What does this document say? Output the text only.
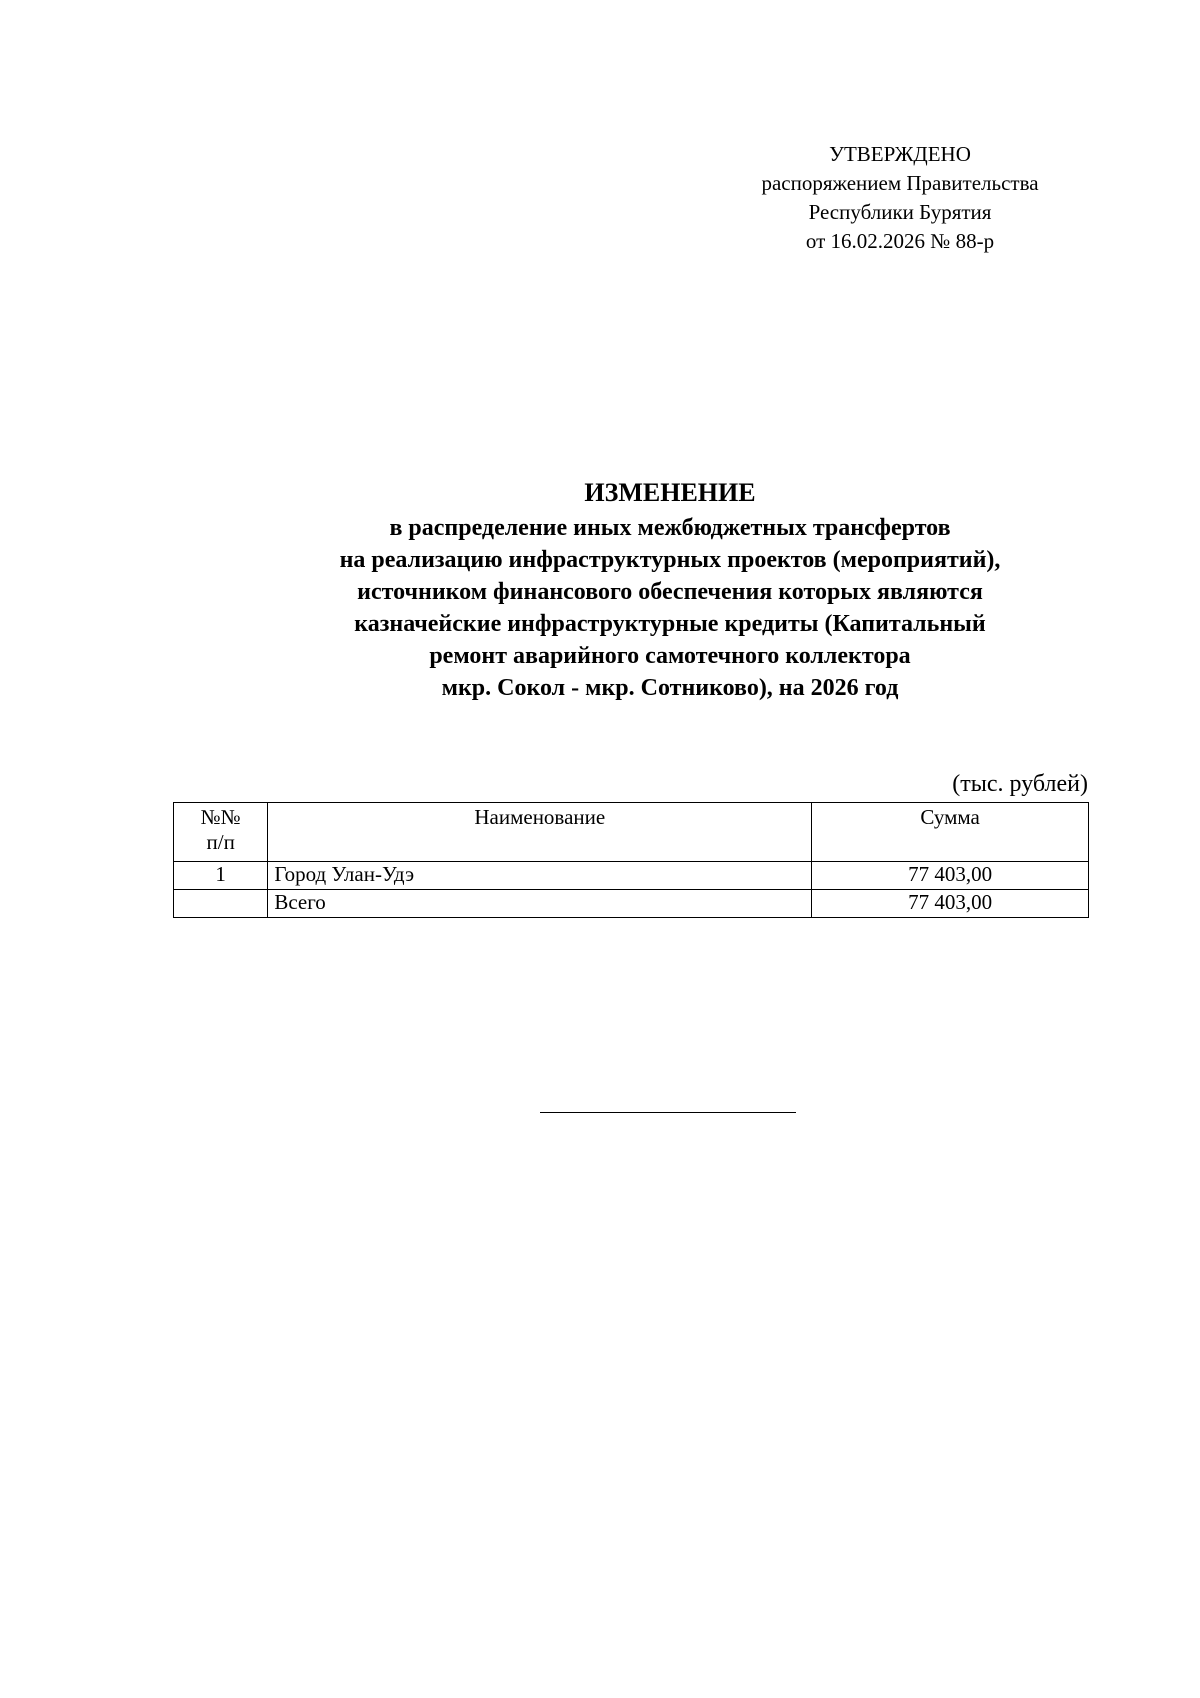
УТВЕРЖДЕНО
распоряжением Правительства
Республики Бурятия
от 16.02.2026 № 88-р
ИЗМЕНЕНИЕ
в распределение иных межбюджетных трансфертов
на реализацию инфраструктурных проектов (мероприятий),
источником финансового обеспечения которых являются
казначейские инфраструктурные кредиты (Капитальный
ремонт аварийного самотечного коллектора
мкр. Сокол - мкр. Сотниково), на 2026 год
(тыс. рублей)
№№
п/п	Наименование	Сумма
1	Город Улан-Удэ	77 403,00
	Всего	77 403,00
